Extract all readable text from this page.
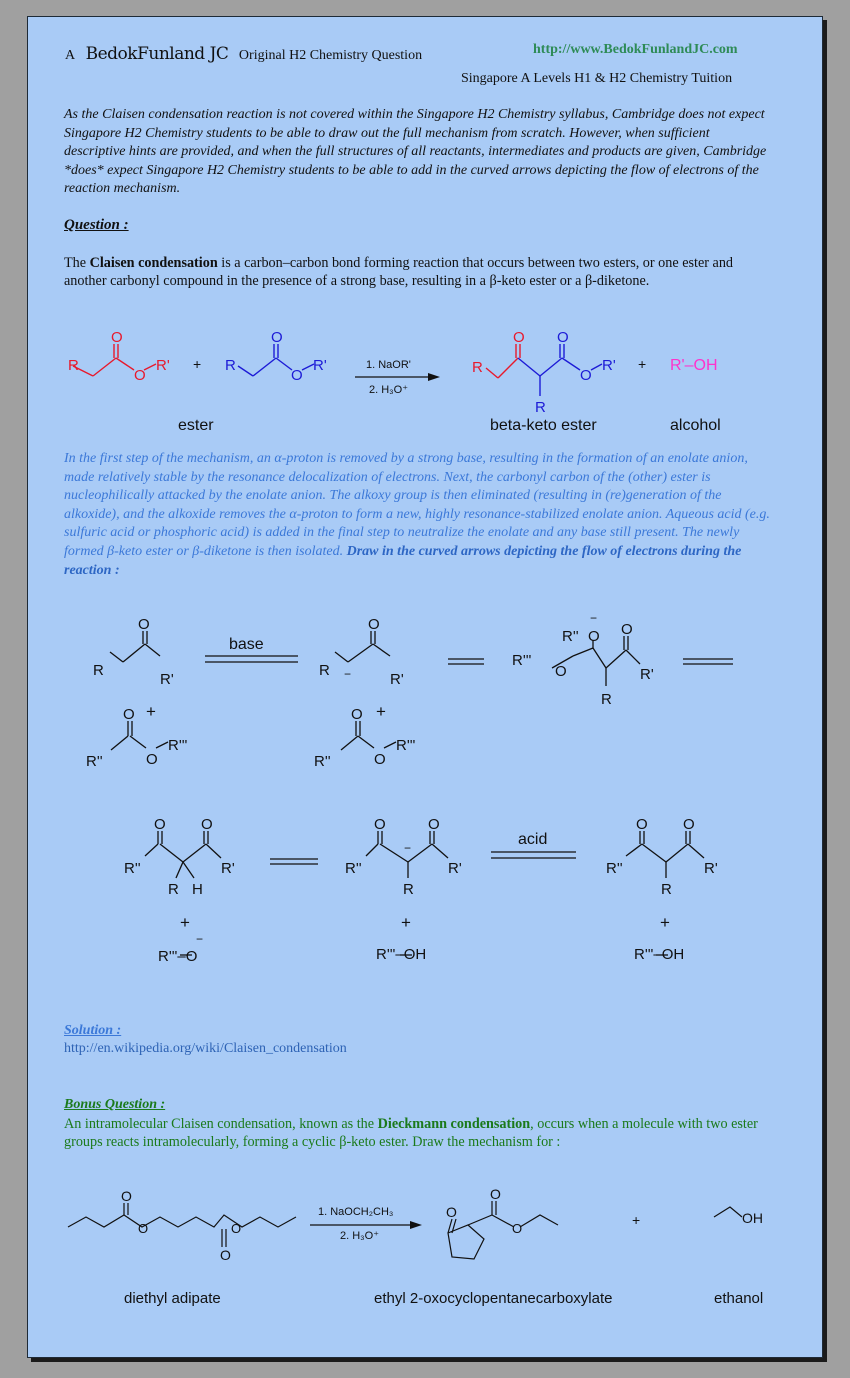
A BedokFunland JC Original H2 Chemistry Question	http://www.BedokFunlandJC.com
Singapore A Levels H1 & H2 Chemistry Tuition
As the Claisen condensation reaction is not covered within the Singapore H2 Chemistry syllabus, Cambridge does not expect Singapore H2 Chemistry students to be able to draw out the full mechanism from scratch. However, when sufficient descriptive hints are provided, and when the full structures of all reactants, intermediates and products are given, Cambridge *does* expect Singapore H2 Chemistry students to be able to add in the curved arrows depicting the flow of electrons of the reaction mechanism.
Question :
The Claisen condensation is a carbon–carbon bond forming reaction that occurs between two esters, or one ester and another carbonyl compound in the presence of a strong base, resulting in a β-keto ester or a β-diketone.
R
O
O
R' + R
O
O
R'	1. NaOR'
2. H₃O⁺
R
O O
O
R'
R
+ R'–OH
ester	beta-keto ester	alcohol
In the first step of the mechanism, an α-proton is removed by a strong base, resulting in the formation of an enolate anion, made relatively stable by the resonance delocalization of electrons. Next, the carbonyl carbon of the (other) ester is nucleophilically attacked by the enolate anion. The alkoxy group is then eliminated (resulting in (re)generation of the alkoxide), and the alkoxide removes the α-proton to form a new, highly resonance-stabilized enolate anion. Aqueous acid (e.g. sulfuric acid or phosphoric acid) is added in the final step to neutralize the enolate and any base still present. The newly formed β-keto ester or β-diketone is then isolated. Draw in the curved arrows depicting the flow of electrons during the reaction :
R
O
R'
+
R''
O
O
R'''
base
R −
O
R'
+
R''
O
O
R'''
R'''
O
R'' O
−
O
R'
R
R''
O O
R'
R H
+
R''
O
−
O
R'
R
+
acid
R''
O O
R'
R
+
R'''–O
−
R'''–OH	R'''–OH
Solution :
http://en.wikipedia.org/wiki/Claisen_condensation
Bonus Question :
An intramolecular Claisen condensation, known as the Dieckmann condensation, occurs when a molecule with two ester groups reacts intramolecularly, forming a cyclic β-keto ester. Draw the mechanism for :
O
O	O
O
1. NaOCH₂CH₃
2. H₃O⁺
O
O
O
+	OH
diethyl adipate	ethyl 2-oxocyclopentanecarboxylate	ethanol
